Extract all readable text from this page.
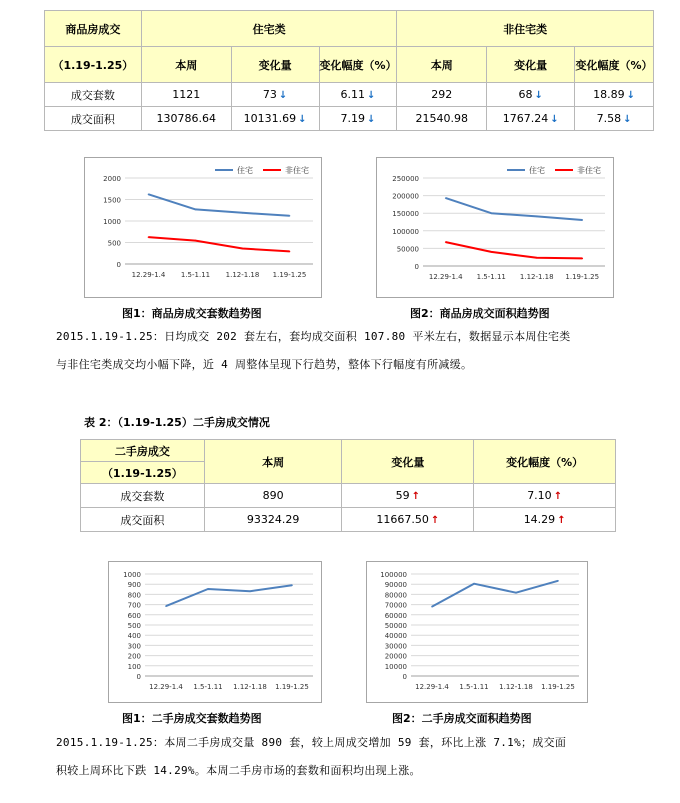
商品房成交	住宅类			非住宅类		
（1.19-1.25）	本周	变化量	变化幅度（%）	本周	变化量	变化幅度（%）
成交套数	1121	73 ↓	6.11 ↓	292	68 ↓	18.89 ↓
成交面积	130786.64	10131.69 ↓	7.19 ↓	21540.98	1767.24 ↓	7.58 ↓
0
500
1000
1500
2000
12.29-1.4 1.5-1.11 1.12-1.18 1.19-1.25
住宅	非住宅
0
50000
100000
150000
200000
250000
12.29-1.4 1.5-1.11 1.12-1.18 1.19-1.25
住宅	非住宅
图1：商品房成交套数趋势图	图2：商品房成交面积趋势图
2015.1.19-1.25：日均成交 202 套左右，套均成交面积 107.80 平米左右，数据显示本周住宅类
与非住宅类成交均小幅下降，近 4 周整体呈现下行趋势，整体下行幅度有所减缓。
表 2：（1.19-1.25）二手房成交情况
二手房成交	本周	变化量	变化幅度（%）
（1.19-1.25）			
成交套数	890	59 ↑	7.10 ↑
成交面积	93324.29	11667.50 ↑	14.29 ↑
0
100
200
300
400
500
600
700
800
900
1000
12.29-1.4 1.5-1.11 1.12-1.18 1.19-1.25
0
10000
20000
30000
40000
50000
60000
70000
80000
90000
100000
12.29-1.4 1.5-1.11 1.12-1.18 1.19-1.25
图1：二手房成交套数趋势图	图2：二手房成交面积趋势图
2015.1.19-1.25：本周二手房成交量 890 套，较上周成交增加 59 套，环比上涨 7.1%；成交面
积较上周环比下跌 14.29%。本周二手房市场的套数和面积均出现上涨。
